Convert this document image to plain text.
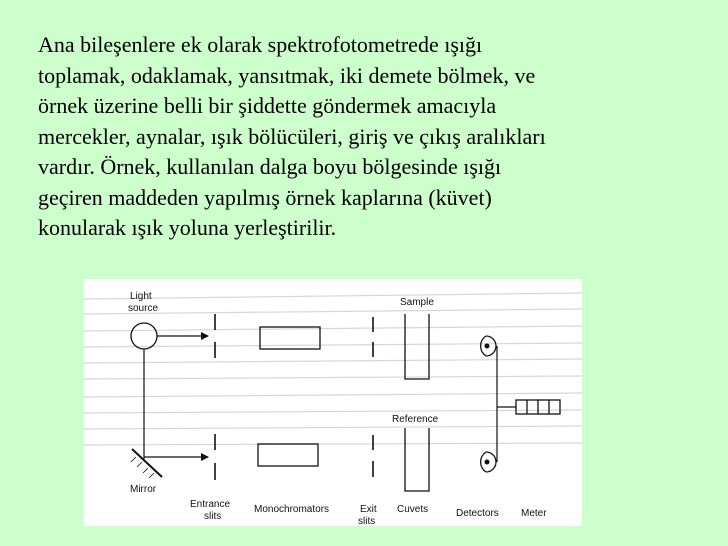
Ana bileşenlere ek olarak spektrofotometrede ışığı
toplamak, odaklamak, yansıtmak, iki demete bölmek, ve
örnek üzerine belli bir şiddette göndermek amacıyla
mercekler, aynalar, ışık bölücüleri, giriş ve çıkış aralıkları
vardır. Örnek, kullanılan dalga boyu bölgesinde ışığı
geçiren maddeden yapılmış örnek kaplarına (küvet)
konularak ışık yoluna yerleştirilir.
Light
source
Sample
Reference
Mirror
Entrance
slits
Monochromators	Exit
slits
Cuvets	Detectors Meter
